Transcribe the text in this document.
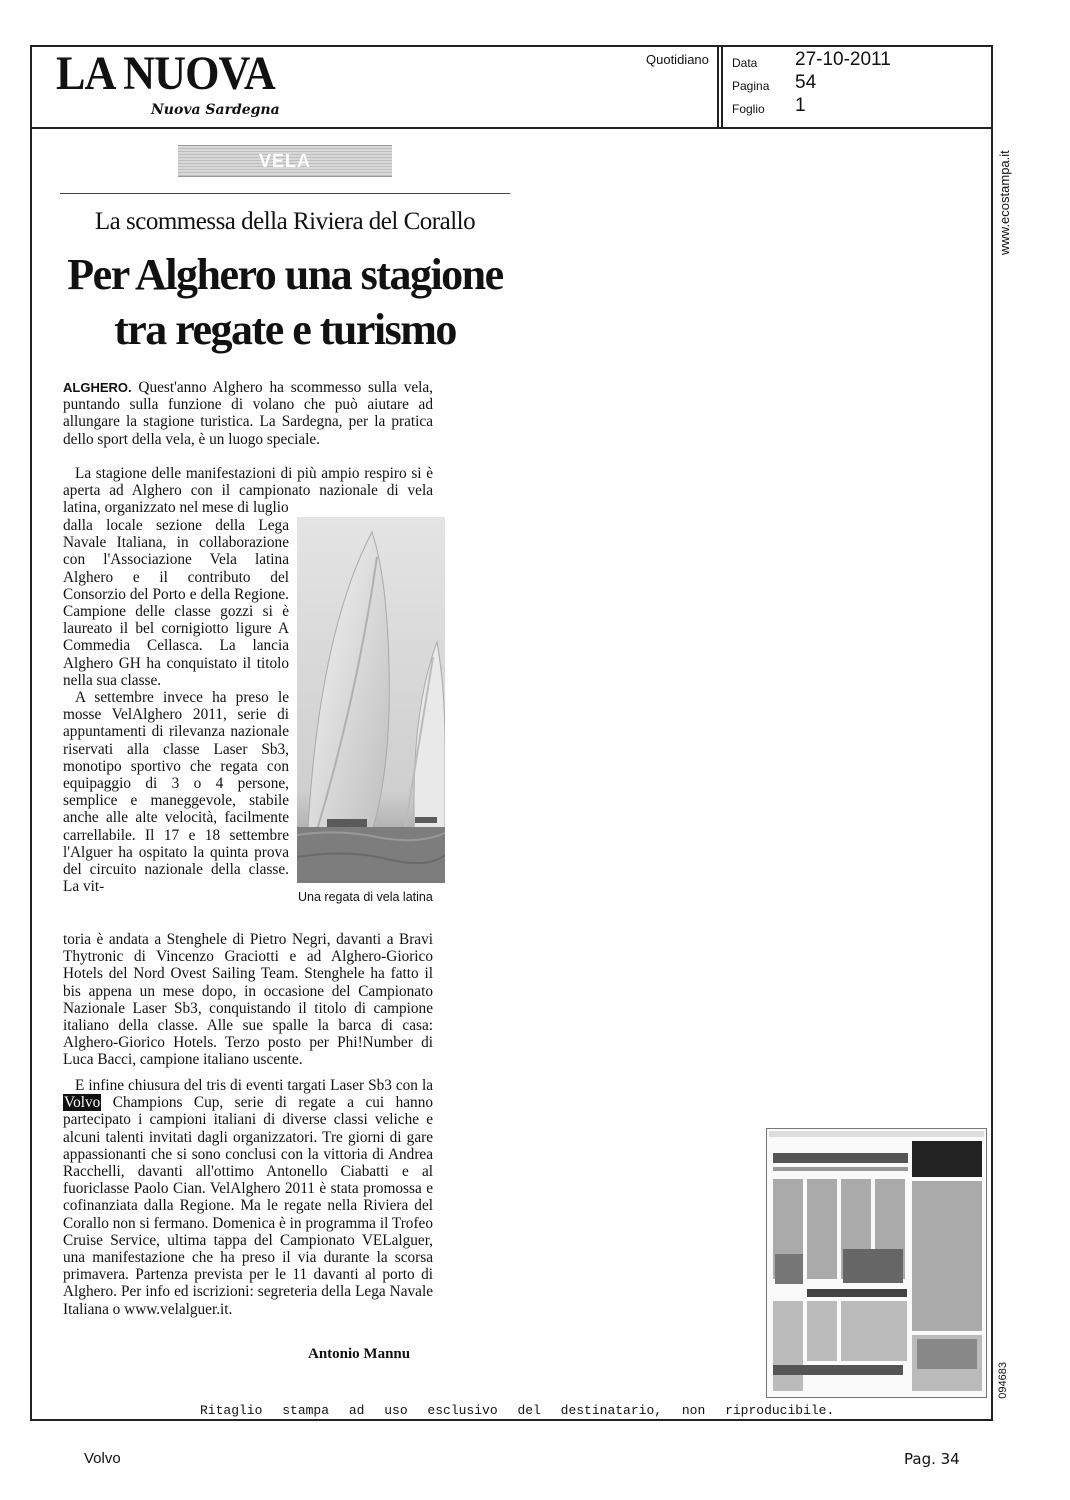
LA NUOVA
Nuova Sardegna
Quotidiano Data 27-10-2011
Pagina 54
Foglio 1
www.ecostampa.it
094683
VELA
La scommessa della Riviera del Corallo
Per Alghero una stagione
tra regate e turismo
ALGHERO. Quest'anno Alghero ha scommesso sulla vela, puntando sulla funzione di volano che può aiutare ad allungare la stagione turistica. La Sardegna, per la pratica dello sport della vela, è un luogo speciale.
La stagione delle manifestazioni di più ampio respiro si è aperta ad Alghero con il campionato nazionale di vela latina, organizzato nel mese di luglio
dalla locale sezione della Lega Navale Italiana, in collaborazione con l'Associazione Vela latina Alghero e il contributo del Consorzio del Porto e della Regione. Campione delle classe gozzi si è laureato il bel cornigiotto ligure A Commedia Cellasca. La lancia Alghero GH ha conquistato il titolo nella sua classe.
A settembre invece ha preso le mosse VelAlghero 2011, serie di appuntamenti di rilevanza nazionale riservati alla classe Laser Sb3, monotipo sportivo che regata con equipaggio di 3 o 4 persone, semplice e maneggevole, stabile anche alle alte velocità, facilmente carrellabile. Il 17 e 18 settembre l'Alguer ha ospitato la quinta prova del circuito nazionale della classe. La vit-
Una regata di vela latina
toria è andata a Stenghele di Pietro Negri, davanti a Bravi Thytronic di Vincenzo Graciotti e ad Alghero-Giorico Hotels del Nord Ovest Sailing Team. Stenghele ha fatto il bis appena un mese dopo, in occasione del Campionato Nazionale Laser Sb3, conquistando il titolo di campione italiano della classe. Alle sue spalle la barca di casa: Alghero-Giorico Hotels. Terzo posto per Phi!Number di Luca Bacci, campione italiano uscente.
E infine chiusura del tris di eventi targati Laser Sb3 con la Volvo Champions Cup, serie di regate a cui hanno partecipato i campioni italiani di diverse classi veliche e alcuni talenti invitati dagli organizzatori. Tre giorni di gare appassionanti che si sono conclusi con la vittoria di Andrea Racchelli, davanti all'ottimo Antonello Ciabatti e al fuoriclasse Paolo Cian. VelAlghero 2011 è stata promossa e cofinanziata dalla Regione. Ma le regate nella Riviera del Corallo non si fermano. Domenica è in programma il Trofeo Cruise Service, ultima tappa del Campionato VELalguer, una manifestazione che ha preso il via durante la scorsa primavera. Partenza prevista per le 11 davanti al porto di Alghero. Per info ed iscrizioni: segreteria della Lega Navale Italiana o www.velalguer.it.
Antonio Mannu
Ritaglio stampa ad uso esclusivo del destinatario, non riproducibile.
Volvo	Pag. 34
